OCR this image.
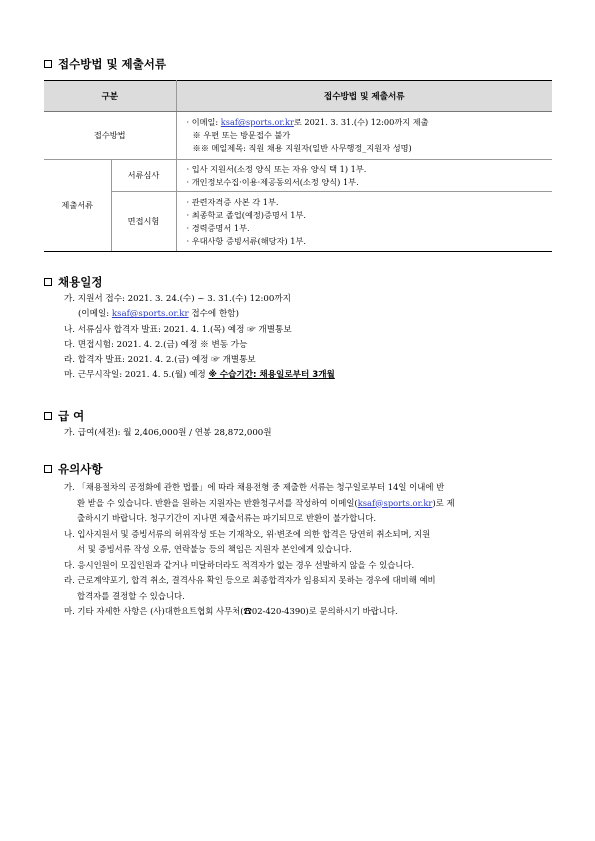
접수방법 및 제출서류
구분		접수방법 및 제출서류
접수방법		· 이메일: ksaf@sports.or.kr로 2021. 3. 31.(수) 12:00까지 제출
※ 우편 또는 방문접수 불가
※※ 메일제목: 직원 채용 지원자(일반 사무행정_지원자 성명)

제출서류	서류심사	· 입사 지원서(소정 양식 또는 자유 양식 택 1) 1부.
· 개인정보수집·이용·제공동의서(소정 양식) 1부.

	면접시험	· 관련자격증 사본 각 1부.
· 최종학교 졸업(예정)증명서 1부.
· 경력증명서 1부.
· 우대사항 증빙서류(해당자) 1부.
채용일정
가. 지원서 접수: 2021. 3. 24.(수) ~ 3. 31.(수) 12:00까지
(이메일: ksaf@sports.or.kr 접수에 한함)
나. 서류심사 합격자 발표: 2021. 4. 1.(목) 예정 ☞ 개별통보
다. 면접시험: 2021. 4. 2.(금) 예정 ※ 변동 가능
라. 합격자 발표: 2021. 4. 2.(금) 예정 ☞ 개별통보
마. 근무시작일: 2021. 4. 5.(월) 예정 ※ 수습기간: 채용일로부터 3개월
급 여
가. 급여(세전): 월 2,406,000원 / 연봉 28,872,000원
유의사항
가. 「채용절차의 공정화에 관한 법률」에 따라 채용전형 중 제출한 서류는 청구일로부터 14일 이내에 반
환 받을 수 있습니다. 반환을 원하는 지원자는 반환청구서를 작성하여 이메일(ksaf@sports.or.kr)로 제
출하시기 바랍니다. 청구기간이 지나면 제출서류는 파기되므로 반환이 불가합니다.
나. 입사지원서 및 증빙서류의 허위작성 또는 기재착오, 위·변조에 의한 합격은 당연히 취소되며, 지원
서 및 증빙서류 작성 오류, 연락불능 등의 책임은 지원자 본인에게 있습니다.
다. 응시인원이 모집인원과 같거나 미달하더라도 적격자가 없는 경우 선발하지 않을 수 있습니다.
라. 근로계약포기, 합격 취소, 결격사유 확인 등으로 최종합격자가 임용되지 못하는 경우에 대비해 예비
합격자를 결정할 수 있습니다.
마. 기타 자세한 사항은 (사)대한요트협회 사무처(☎02-420-4390)로 문의하시기 바랍니다.
